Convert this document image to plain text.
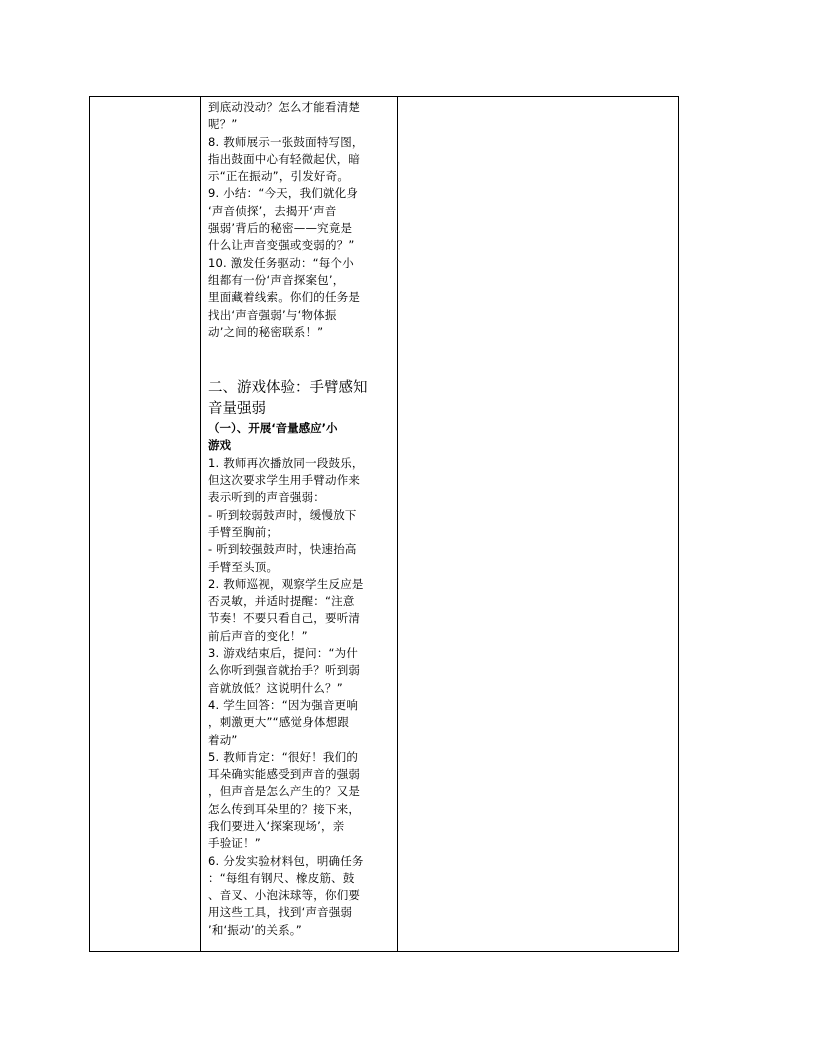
到底动没动？怎么才能看清楚

呢？”

8. 教师展示一张鼓面特写图，

指出鼓面中心有轻微起伏，暗

示“正在振动”，引发好奇。

9. 小结：“今天，我们就化身

‘声音侦探’，去揭开‘声音

强弱’背后的秘密——究竟是

什么让声音变强或变弱的？”

10. 激发任务驱动：“每个小

组都有一份‘声音探案包’，

里面藏着线索。你们的任务是

找出‘声音强弱’与‘物体振

动’之间的秘密联系！”

二、游戏体验：手臂感知

音量强弱

（一）、开展‘音量感应’小

游戏

1. 教师再次播放同一段鼓乐，

但这次要求学生用手臂动作来

表示听到的声音强弱：

- 听到较弱鼓声时，缓慢放下

手臂至胸前；

- 听到较强鼓声时，快速抬高

手臂至头顶。

2. 教师巡视，观察学生反应是

否灵敏，并适时提醒：“注意

节奏！不要只看自己，要听清

前后声音的变化！”

3. 游戏结束后，提问：“为什

么你听到强音就抬手？听到弱

音就放低？这说明什么？”

4. 学生回答：“因为强音更响

，刺激更大”“感觉身体想跟

着动”

5. 教师肯定：“很好！我们的

耳朵确实能感受到声音的强弱

，但声音是怎么产生的？又是

怎么传到耳朵里的？接下来，

我们要进入‘探案现场’，亲

手验证！”

6. 分发实验材料包，明确任务

：“每组有钢尺、橡皮筋、鼓

、音叉、小泡沫球等，你们要

用这些工具，找到‘声音强弱

’和‘振动’的关系。”
